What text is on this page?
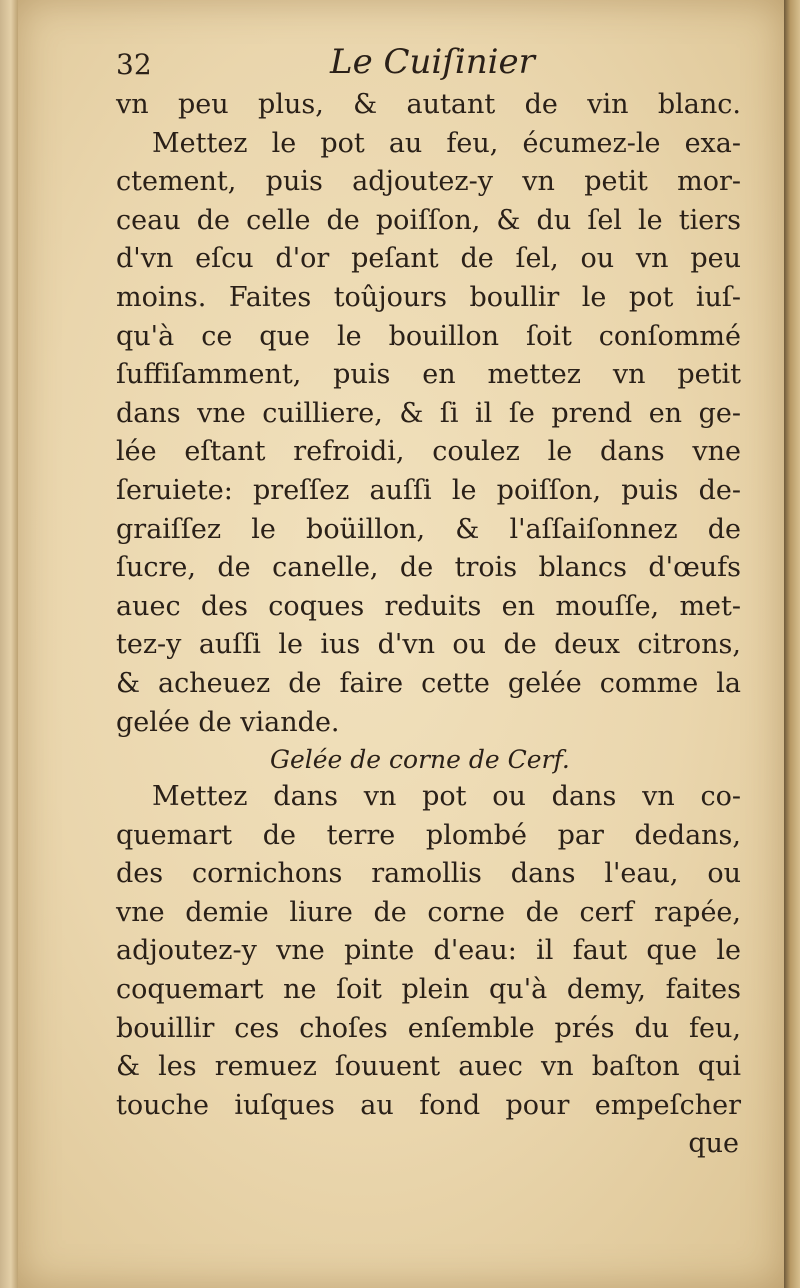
32	Le Cuiſinier
vn peu plus, & autant de vin blanc.
Mettez le pot au feu, écumez-le exa-
ctement, puis adjoutez-y vn petit mor-
ceau de celle de poiſſon, & du ſel le tiers
d'vn eſcu d'or peſant de ſel, ou vn peu
moins. Faites toûjours boullir le pot iuſ-
qu'à ce que le bouillon ſoit conſommé
ſuffiſamment, puis en mettez vn petit
dans vne cuilliere, & ſi il ſe prend en ge-
lée eſtant refroidi, coulez le dans vne
ſeruiete: preſſez auſſi le poiſſon, puis de-
graiſſez le boüillon, & l'aſſaiſonnez de
ſucre, de canelle, de trois blancs d'œufs
auec des coques reduits en mouſſe, met-
tez-y auſſi le ius d'vn ou de deux citrons,
& acheuez de faire cette gelée comme la
gelée de viande.
Gelée de corne de Cerf.
Mettez dans vn pot ou dans vn co-
quemart de terre plombé par dedans,
des cornichons ramollis dans l'eau, ou
vne demie liure de corne de cerf rapée,
adjoutez-y vne pinte d'eau: il faut que le
coquemart ne ſoit plein qu'à demy, faites
bouillir ces choſes enſemble prés du feu,
& les remuez ſouuent auec vn baſton qui
touche iuſques au fond pour empeſcher
que
